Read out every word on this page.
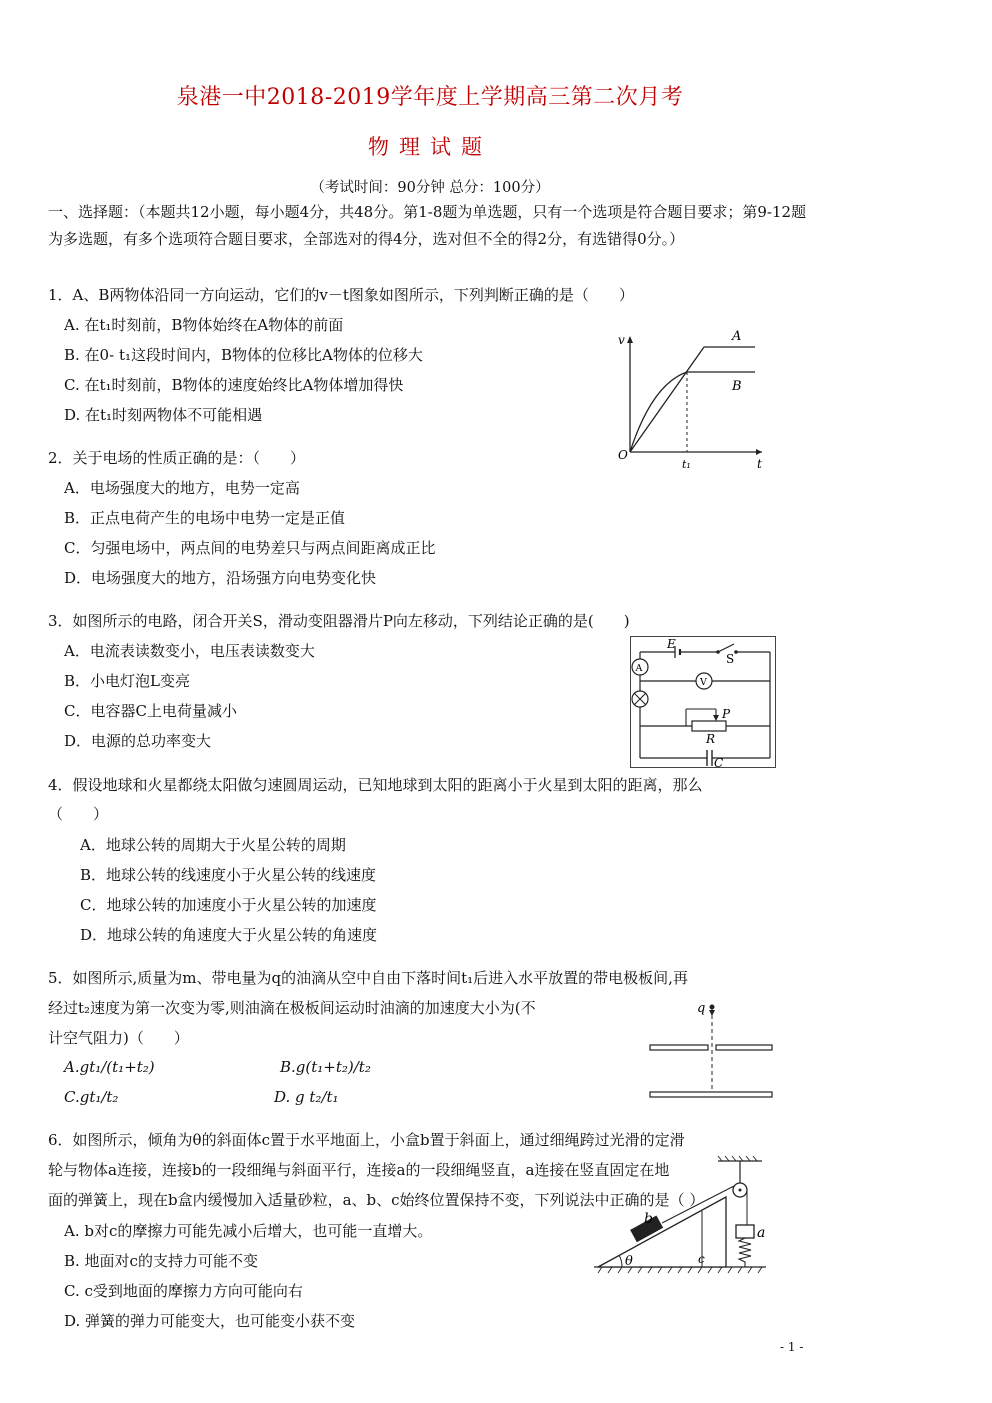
泉港一中2018-2019学年度上学期高三第二次月考
物理试题
（考试时间：90分钟 总分：100分）
一、选择题：（本题共12小题，每小题4分，共48分。第1-8题为单选题，只有一个选项是符合题目要求；第9-12题为多选题，有多个选项符合题目要求，全部选对的得4分，选对但不全的得2分，有选错得0分。）
1．A、B两物体沿同一方向运动，它们的v－t图象如图所示，下列判断正确的是（　　）
A. 在t₁时刻前，B物体始终在A物体的前面
B. 在0- t₁这段时间内，B物体的位移比A物体的位移大
C. 在t₁时刻前，B物体的速度始终比A物体增加得快
D. 在t₁时刻两物体不可能相遇
v
t
O
t₁
A
B
2．关于电场的性质正确的是：（　　）
A．电场强度大的地方，电势一定高
B．正点电荷产生的电场中电势一定是正值
C．匀强电场中，两点间的电势差只与两点间距离成正比
D．电场强度大的地方，沿场强方向电势变化快
3．如图所示的电路，闭合开关S，滑动变阻器滑片P向左移动，下列结论正确的是(　　)
A．电流表读数变小，电压表读数变大
B．小电灯泡L变亮
C．电容器C上电荷量减小
D．电源的总功率变大
E
S
A
V
P
R
C
4．假设地球和火星都绕太阳做匀速圆周运动，已知地球到太阳的距离小于火星到太阳的距离，那么
（　　）
A．地球公转的周期大于火星公转的周期
B．地球公转的线速度小于火星公转的线速度
C．地球公转的加速度小于火星公转的加速度
D．地球公转的角速度大于火星公转的角速度
5．如图所示,质量为m、带电量为q的油滴从空中自由下落时间t₁后进入水平放置的带电极板间,再
经过t₂速度为第一次变为零,则油滴在极板间运动时油滴的加速度大小为(不
计空气阻力)（　　）
A.gt₁/(t₁+t₂)	B.g(t₁+t₂)/t₂
C.gt₁/t₂	D. g t₂/t₁
q
6．如图所示，倾角为θ的斜面体c置于水平地面上，小盒b置于斜面上，通过细绳跨过光滑的定滑
轮与物体a连接，连接b的一段细绳与斜面平行，连接a的一段细绳竖直，a连接在竖直固定在地
面的弹簧上，现在b盒内缓慢加入适量砂粒，a、b、c始终位置保持不变，下列说法中正确的是（ ）
A. b对c的摩擦力可能先减小后增大，也可能一直增大。
B. 地面对c的支持力可能不变
C. c受到地面的摩擦力方向可能向右
D. 弹簧的弹力可能变大，也可能变小获不变
b
a
c
θ
- 1 -
